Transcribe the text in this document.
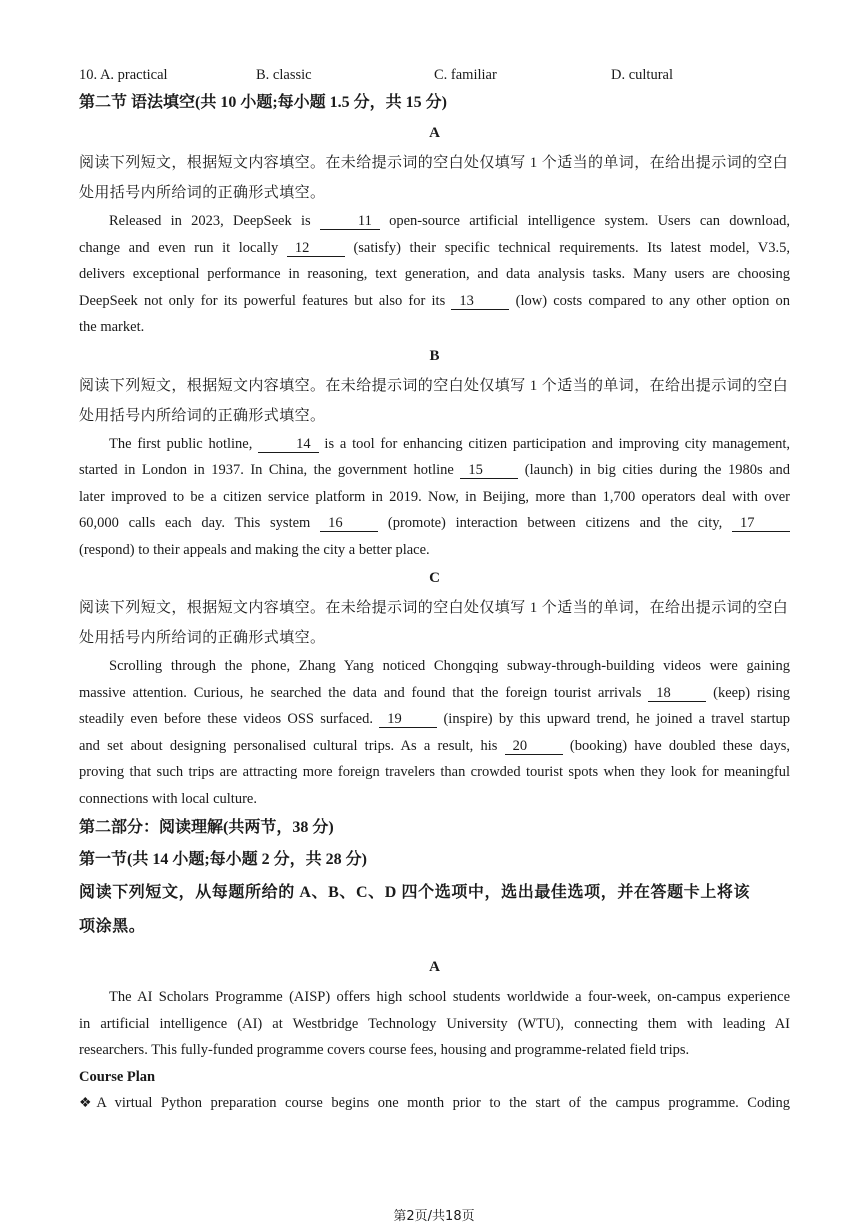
10. A. practical	B. classic	C. familiar	D. cultural
第二节 语法填空(共 10 小题;每小题 1.5 分，共 15 分)
A
阅读下列短文，根据短文内容填空。在未给提示词的空白处仅填写 1 个适当的单词，在给出提示词的空白处用括号内所给词的正确形式填空。
Released in 2023, DeepSeek is	11 open-source artificial intelligence system. Users can download,
change and even run it locally 12	(satisfy) their specific technical requirements. Its latest model, V3.5,
delivers exceptional performance in reasoning, text generation, and data analysis tasks. Many users are choosing
DeepSeek not only for its powerful features but also for its 13	(low) costs compared to any other option on
the market.
B
阅读下列短文，根据短文内容填空。在未给提示词的空白处仅填写 1 个适当的单词，在给出提示词的空白处用括号内所给词的正确形式填空。
The first public hotline,	14 is a tool for enhancing citizen participation and improving city management,
started in London in 1937. In China, the government hotline 15	(launch) in big cities during the 1980s and
later improved to be a citizen service platform in 2019. Now, in Beijing, more than 1,700 operators deal with over
60,000 calls each day. This system 16	(promote) interaction between citizens and the city, 17
(respond) to their appeals and making the city a better place.
C
阅读下列短文，根据短文内容填空。在未给提示词的空白处仅填写 1 个适当的单词，在给出提示词的空白处用括号内所给词的正确形式填空。
Scrolling through the phone, Zhang Yang noticed Chongqing subway-through-building videos were gaining
massive attention. Curious, he searched the data and found that the foreign tourist arrivals 18	(keep) rising
steadily even before these videos OSS surfaced. 19	(inspire) by this upward trend, he joined a travel startup
and set about designing personalised cultural trips. As a result, his 20	(booking) have doubled these days,
proving that such trips are attracting more foreign travelers than crowded tourist spots when they look for meaningful
connections with local culture.
第二部分：阅读理解(共两节，38 分)
第一节(共 14 小题;每小题 2 分，共 28 分)
阅读下列短文，从每题所给的 A、B、C、D 四个选项中，选出最佳选项，并在答题卡上将该
项涂黑。
A
The AI Scholars Programme (AISP) offers high school students worldwide a four-week, on-campus experience
in artificial intelligence (AI) at Westbridge Technology University (WTU), connecting them with leading AI
researchers. This fully-funded programme covers course fees, housing and programme-related field trips.
Course Plan
❖A virtual Python preparation course begins one month prior to the start of the campus programme. Coding
第2页/共18页
